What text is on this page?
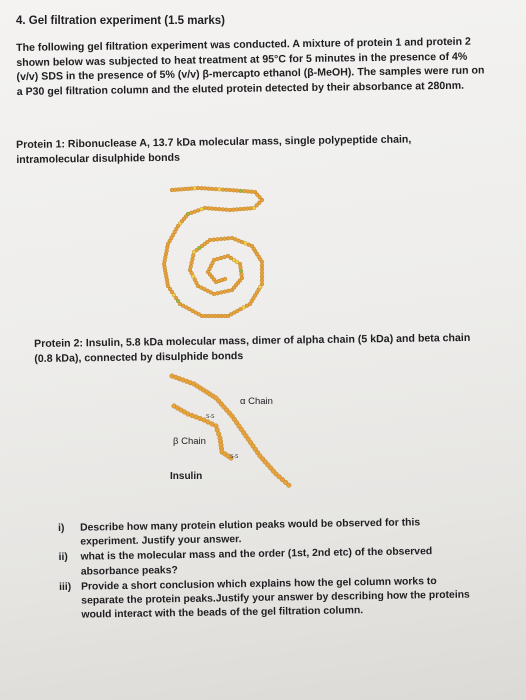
4. Gel filtration experiment (1.5 marks)
The following gel filtration experiment was conducted. A mixture of protein 1 and protein 2 shown below was subjected to heat treatment at 95°C for 5 minutes in the presence of 4% (v/v) SDS in the presence of 5% (v/v) β-mercapto ethanol (β-MeOH). The samples were run on a P30 gel filtration column and the eluted protein detected by their absorbance at 280nm.
Protein 1: Ribonuclease A, 13.7 kDa molecular mass, single polypeptide chain, intramolecular disulphide bonds
Protein 2: Insulin, 5.8 kDa molecular mass, dimer of alpha chain (5 kDa) and beta chain (0.8 kDa), connected by disulphide bonds
S-S
S-S
α Chain
β Chain
Insulin
i) Describe how many protein elution peaks would be observed for this experiment. Justify your answer.
ii) what is the molecular mass and the order (1st, 2nd etc) of the observed absorbance peaks?
iii) Provide a short conclusion which explains how the gel column works to separate the protein peaks.Justify your answer by describing how the proteins would interact with the beads of the gel filtration column.
